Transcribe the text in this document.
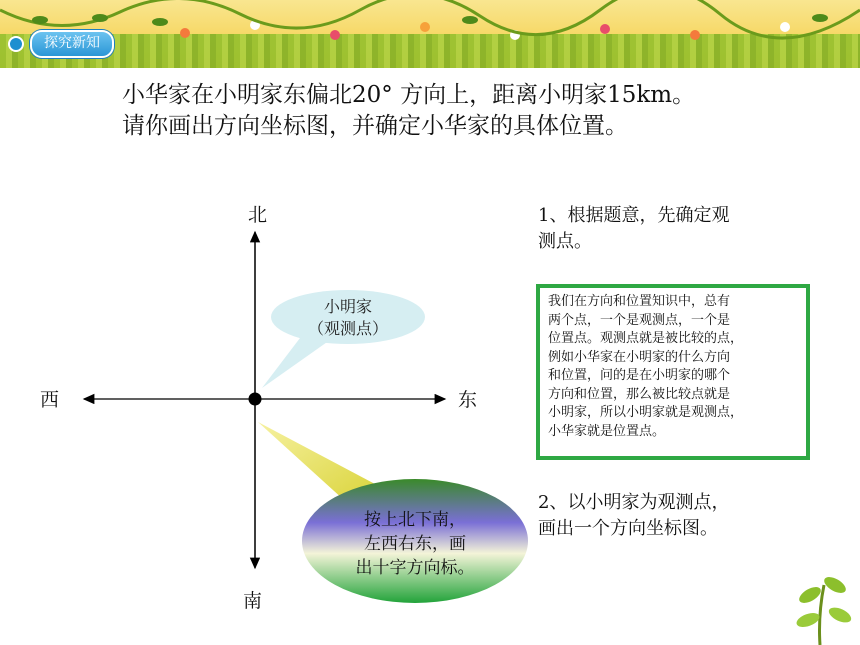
探究新知

小华家在小明家东偏北20° 方向上，距离小明家15km。

请你画出方向坐标图，并确定小华家的具体位置。

北
南
西	东
小明家
（观测点）
按上北下南，
左西右东，画
出十字方向标。
1、根据题意，先确定观
测点。
我们在方向和位置知识中，总有
两个点，一个是观测点，一个是
位置点。观测点就是被比较的点，
例如小华家在小明家的什么方向
和位置，问的是在小明家的哪个
方向和位置，那么被比较点就是
小明家，所以小明家就是观测点，
小华家就是位置点。
2、以小明家为观测点，
画出一个方向坐标图。
